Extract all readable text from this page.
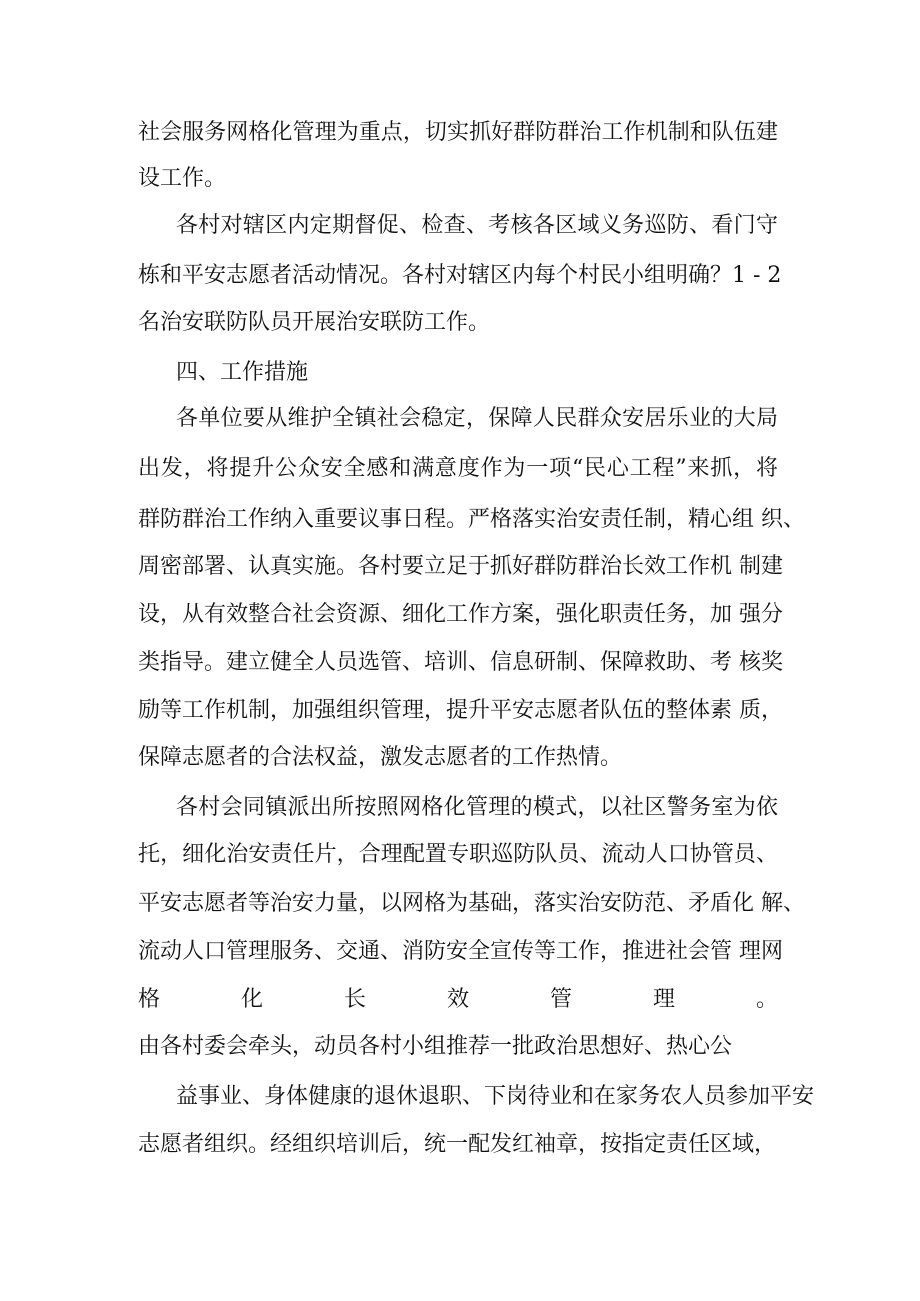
社会服务网格化管理为重点，切实抓好群防群治工作机制和队伍建
设工作。
各村对辖区内定期督促、检查、考核各区域义务巡防、看门守
栋和平安志愿者活动情况。各村对辖区内每个村民小组明确？1 - 2
名治安联防队员开展治安联防工作。
四、工作措施
各单位要从维护全镇社会稳定，保障人民群众安居乐业的大局
出发，将提升公众安全感和满意度作为一项“民心工程”来抓，将
群防群治工作纳入重要议事日程。严格落实治安责任制，精心组 织、
周密部署、认真实施。各村要立足于抓好群防群治长效工作机 制建
设，从有效整合社会资源、细化工作方案，强化职责任务，加 强分
类指导。建立健全人员选管、培训、信息研制、保障救助、考 核奖
励等工作机制，加强组织管理，提升平安志愿者队伍的整体素 质，
保障志愿者的合法权益，激发志愿者的工作热情。
各村会同镇派出所按照网格化管理的模式，以社区警务室为依
托，细化治安责任片，合理配置专职巡防队员、流动人口协管员、
平安志愿者等治安力量，以网格为基础，落实治安防范、矛盾化 解、
流动人口管理服务、交通、消防安全宣传等工作，推进社会管 理网
格化长效管理。
由各村委会牵头，动员各村小组推荐一批政治思想好、热心公
益事业、身体健康的退休退职、下岗待业和在家务农人员参加平安
志愿者组织。经组织培训后，统一配发红袖章，按指定责任区域，
